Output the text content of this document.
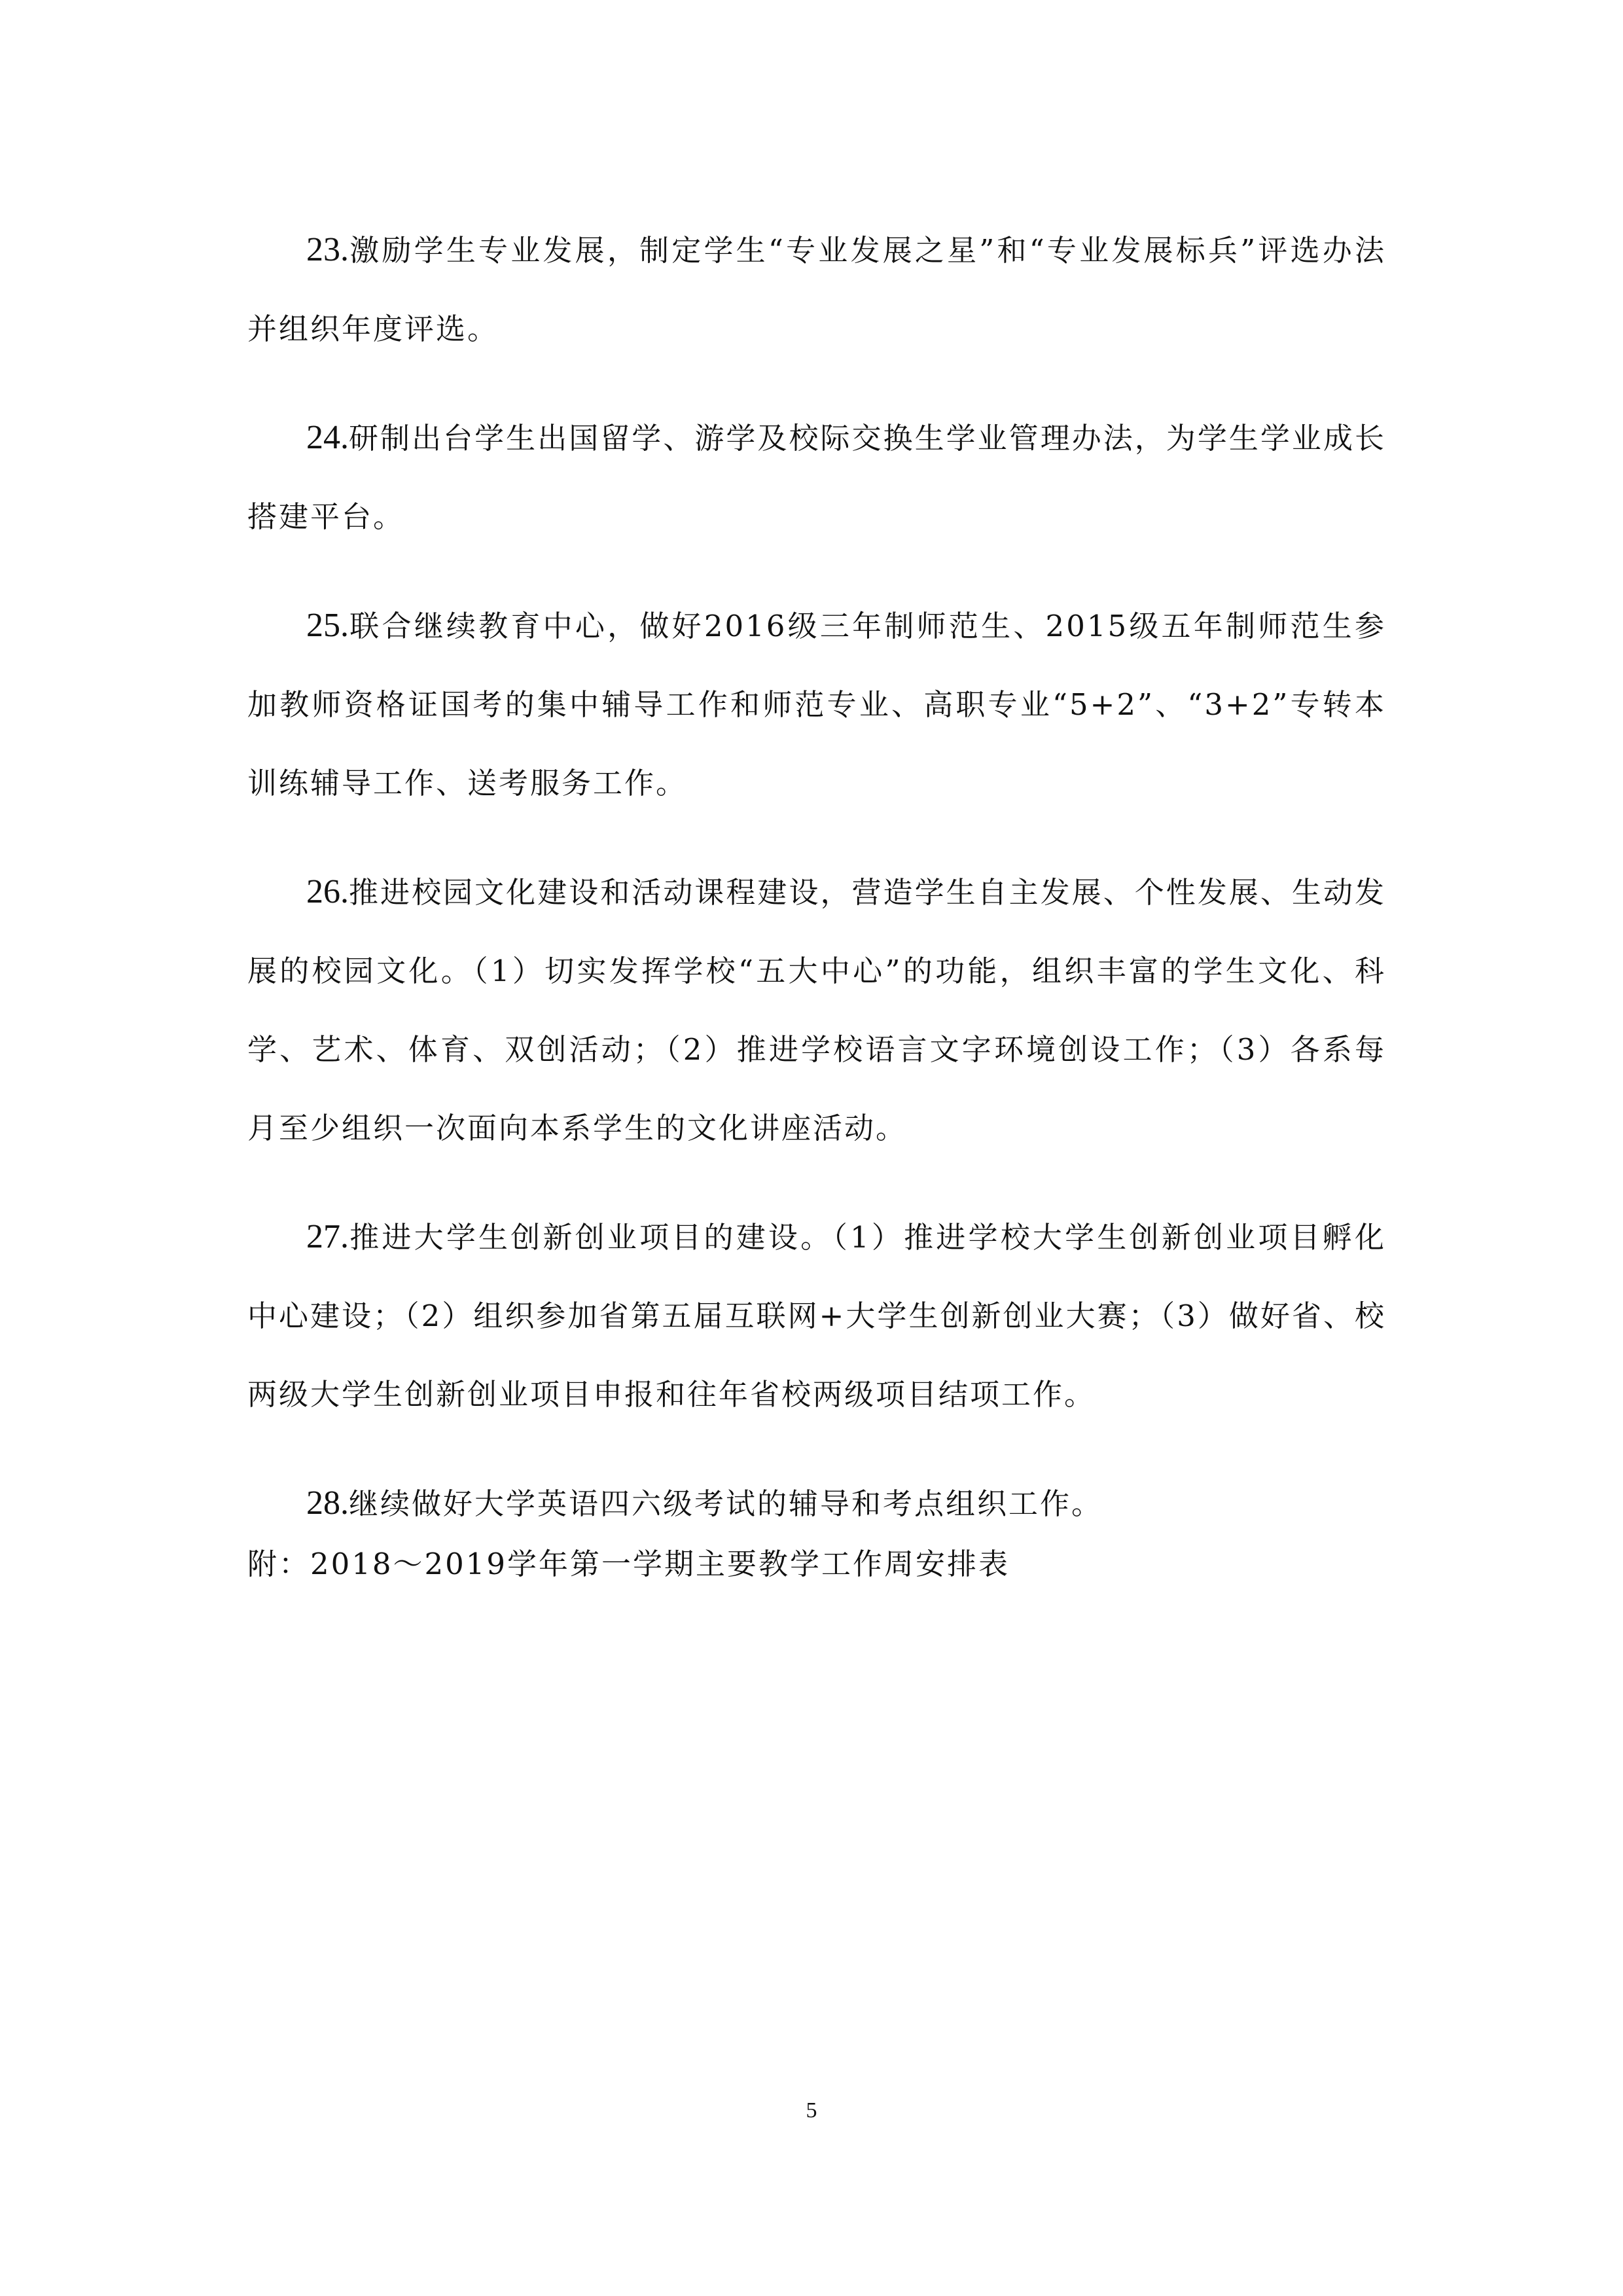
23.激励学生专业发展，制定学生“专业发展之星”和“专业发展标兵”评选办法并组织年度评选。

24.研制出台学生出国留学、游学及校际交换生学业管理办法，为学生学业成长搭建平台。

25.联合继续教育中心，做好2016级三年制师范生、2015级五年制师范生参加教师资格证国考的集中辅导工作和师范专业、高职专业“5+2”、“3+2”专转本训练辅导工作、送考服务工作。

26.推进校园文化建设和活动课程建设，营造学生自主发展、个性发展、生动发展的校园文化。（1）切实发挥学校“五大中心”的功能，组织丰富的学生文化、科学、艺术、体育、双创活动；（2）推进学校语言文字环境创设工作；（3）各系每月至少组织一次面向本系学生的文化讲座活动。

27.推进大学生创新创业项目的建设。（1）推进学校大学生创新创业项目孵化中心建设；（2）组织参加省第五届互联网+大学生创新创业大赛；（3）做好省、校两级大学生创新创业项目申报和往年省校两级项目结项工作。

28.继续做好大学英语四六级考试的辅导和考点组织工作。

附：2018～2019学年第一学期主要教学工作周安排表

5
